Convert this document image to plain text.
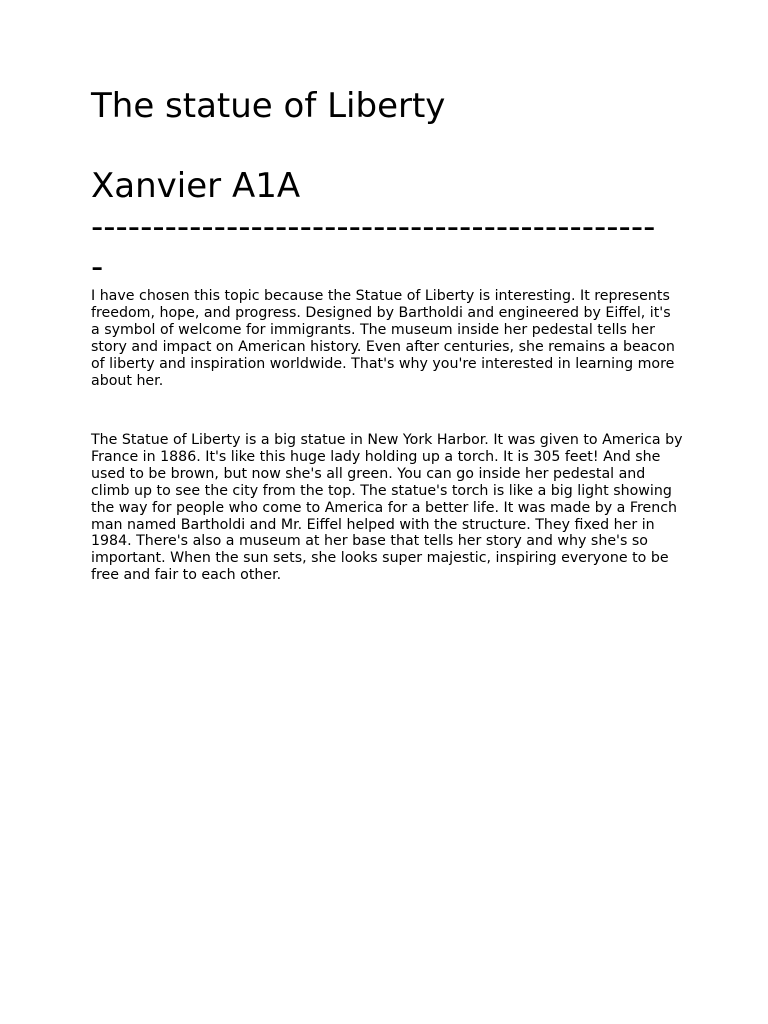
The statue of Liberty
Xanvier A1A
----------------------------------------------
-

I have chosen this topic because the Statue of Liberty is interesting. It represents freedom, hope, and progress. Designed by Bartholdi and engineered by Eiffel, it's a symbol of welcome for immigrants. The museum inside her pedestal tells her story and impact on American history. Even after centuries, she remains a beacon of liberty and inspiration worldwide. That's why you're interested in learning more about her.

The Statue of Liberty is a big statue in New York Harbor. It was given to America by France in 1886. It's like this huge lady holding up a torch. It is 305 feet! And she used to be brown, but now she's all green. You can go inside her pedestal and climb up to see the city from the top. The statue's torch is like a big light showing the way for people who come to America for a better life. It was made by a French man named Bartholdi and Mr. Eiffel helped with the structure. They fixed her in 1984. There's also a museum at her base that tells her story and why she's so important. When the sun sets, she looks super majestic, inspiring everyone to be free and fair to each other.
